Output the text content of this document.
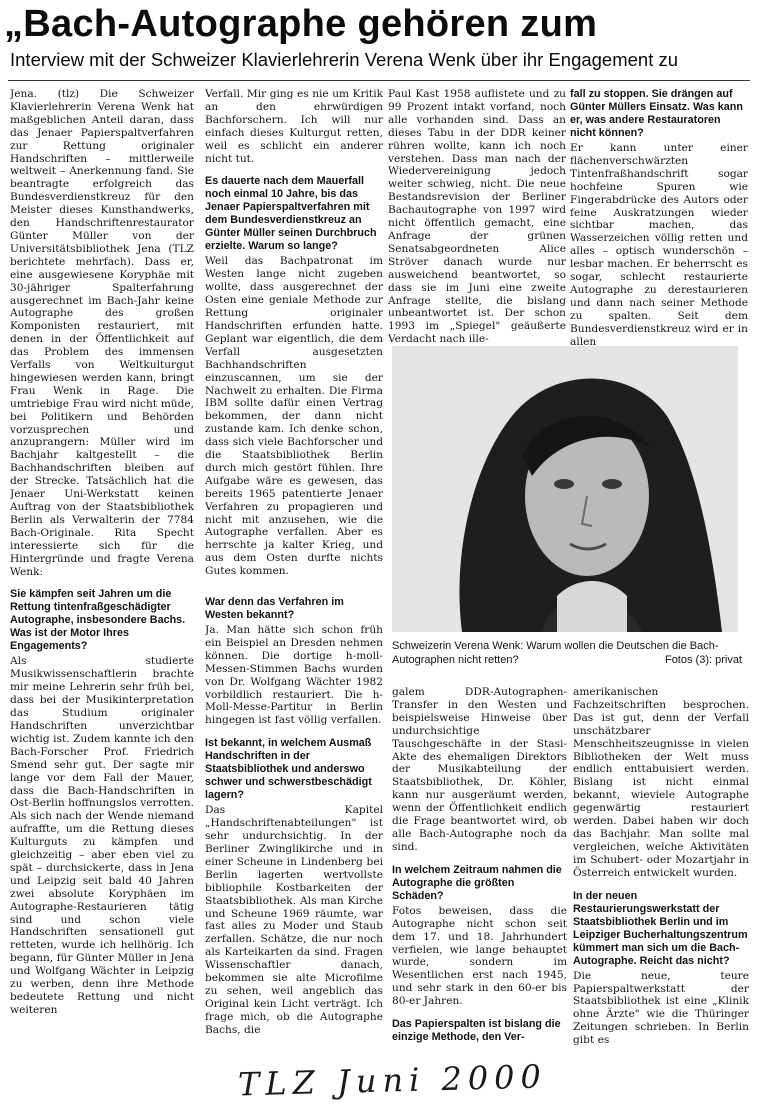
„Bach-Autographe gehören zum
Interview mit der Schweizer Klavierlehrerin Verena Wenk über ihr Engagement zu

Jena. (tlz) Die Schweizer Klavierlehrerin Verena Wenk hat maßgeblichen Anteil daran, dass das Jenaer Papierspaltverfahren zur Rettung originaler Handschriften – mittlerweile weltweit – Anerkennung fand. Sie beantragte erfolgreich das Bundesverdienstkreuz für den Meister dieses Kunsthandwerks, den Handschriftenrestaurator Günter Müller von der Universitätsbibliothek Jena (TLZ berichtete mehrfach). Dass er, eine ausgewiesene Koryphäe mit 30-jähriger Spalterfahrung ausgerechnet im Bach-Jahr keine Autographe des großen Komponisten restauriert, mit denen in der Öffentlichkeit auf das Problem des immensen Verfalls von Weltkulturgut hingewiesen werden kann, bringt Frau Wenk in Rage. Die umtriebige Frau wird nicht müde, bei Politikern und Behörden vorzusprechen und anzuprangern: Müller wird im Bachjahr kaltgestellt – die Bachhandschriften bleiben auf der Strecke. Tatsächlich hat die Jenaer Uni-Werkstatt keinen Auftrag von der Staatsbibliothek Berlin als Verwalterin der 7784 Bach-Originale. Rita Specht interessierte sich für die Hintergründe und fragte Verena Wenk:

Sie kämpfen seit Jahren um die Rettung tintenfraßgeschädigter Autographe, insbesondere Bachs. Was ist der Motor Ihres Engagements?

Als studierte Musikwissenschaftlerin brachte mir meine Lehrerin sehr früh bei, dass bei der Musikinterpretation das Studium originaler Handschriften unverzichtbar wichtig ist. Zudem kannte ich den Bach-Forscher Prof. Friedrich Smend sehr gut. Der sagte mir lange vor dem Fall der Mauer, dass die Bach-Handschriften in Ost-Berlin hoffnungslos verrotten. Als sich nach der Wende niemand aufraffte, um die Rettung dieses Kulturguts zu kämpfen und gleichzeitig – aber eben viel zu spät – durchsickerte, dass in Jena und Leipzig seit bald 40 Jahren zwei absolute Koryphäen im Autographe-Restaurieren tätig sind und schon viele Handschriften sensationell gut retteten, wurde ich hellhörig. Ich begann, für Günter Müller in Jena und Wolfgang Wächter in Leipzig zu werben, denn ihre Methode bedeutete Rettung und nicht weiteren

Verfall. Mir ging es nie um Kritik an den ehrwürdigen Bachforschern. Ich will nur einfach dieses Kulturgut retten, weil es schlicht ein anderer nicht tut.

Es dauerte nach dem Mauerfall noch einmal 10 Jahre, bis das Jenaer Papierspaltverfahren mit dem Bundesverdienstkreuz an Günter Müller seinen Durchbruch erzielte. Warum so lange?

Weil das Bachpatronat im Westen lange nicht zugeben wollte, dass ausgerechnet der Osten eine geniale Methode zur Rettung originaler Handschriften erfunden hatte. Geplant war eigentlich, die dem Verfall ausgesetzten Bachhandschriften einzuscannen, um sie der Nachwelt zu erhalten. Die Firma IBM sollte dafür einen Vertrag bekommen, der dann nicht zustande kam. Ich denke schon, dass sich viele Bachforscher und die Staatsbibliothek Berlin durch mich gestört fühlen. Ihre Aufgabe wäre es gewesen, das bereits 1965 patentierte Jenaer Verfahren zu propagieren und nicht mit anzusehen, wie die Autographe verfallen. Aber es herrschte ja kalter Krieg, und aus dem Osten durfte nichts Gutes kommen.

War denn das Verfahren im Westen bekannt?

Ja. Man hätte sich schon früh ein Beispiel an Dresden nehmen können. Die dortige h-moll-Messen-Stimmen Bachs wurden von Dr. Wolfgang Wächter 1982 vorbildlich restauriert. Die h-Moll-Messe-Partitur in Berlin hingegen ist fast völlig verfallen.

Ist bekannt, in welchem Ausmaß Handschriften in der Staatsbibliothek und anderswo schwer und schwerstbeschädigt lagern?

Das Kapitel „Handschriftenabteilungen" ist sehr undurchsichtig. In der Berliner Zwinglikirche und in einer Scheune in Lindenberg bei Berlin lagerten wertvollste bibliophile Kostbarkeiten der Staatsbibliothek. Als man Kirche und Scheune 1969 räumte, war fast alles zu Moder und Staub zerfallen. Schätze, die nur noch als Karteikarten da sind. Fragen Wissenschaftler danach, bekommen sie alte Microfilme zu sehen, weil angeblich das Original kein Licht verträgt. Ich frage mich, ob die Autographe Bachs, die

Paul Kast 1958 auflistete und zu 99 Prozent intakt vorfand, noch alle vorhanden sind. Dass an dieses Tabu in der DDR keiner rühren wollte, kann ich noch verstehen. Dass man nach der Wiedervereinigung jedoch weiter schwieg, nicht. Die neue Bestandsrevision der Berliner Bachautographe von 1997 wird nicht öffentlich gemacht, eine Anfrage der grünen Senatsabgeordneten Alice Ströver danach wurde nur ausweichend beantwortet, so dass sie im Juni eine zweite Anfrage stellte, die bislang unbeantwortet ist. Der schon 1993 im „Spiegel" geäußerte Verdacht nach ille-

fall zu stoppen. Sie drängen auf Günter Müllers Einsatz. Was kann er, was andere Restauratoren nicht können?

Er kann unter einer flächenverschwärzten Tintenfraßhandschrift sogar hochfeine Spuren wie Fingerabdrücke des Autors oder feine Auskratzungen wieder sichtbar machen, das Wasserzeichen völlig retten und alles – optisch wunderschön – lesbar machen. Er beherrscht es sogar, schlecht restaurierte Autographe zu derestaurieren und dann nach seiner Methode zu spalten. Seit dem Bundesverdienstkreuz wird er in allen

Schweizerin Verena Wenk: Warum wollen die Deutschen die Bach-Autographen nicht retten?	Fotos (3): privat

galem DDR-Autographen-Transfer in den Westen und beispielsweise Hinweise über undurchsichtige Tauschgeschäfte in der Stasi-Akte des ehemaligen Direktors der Musikabteilung der Staatsbibliothek, Dr. Köhler, kann nur ausgeräumt werden, wenn der Öffentlichkeit endlich die Frage beantwortet wird, ob alle Bach-Autographe noch da sind.

In welchem Zeitraum nahmen die Autographe die größten Schäden?

Fotos beweisen, dass die Autographe nicht schon seit dem 17. und 18. Jahrhundert verfielen, wie lange behauptet wurde, sondern im Wesentlichen erst nach 1945, und sehr stark in den 60-er bis 80-er Jahren.

Das Papierspalten ist bislang die einzige Methode, den Ver-

amerikanischen Fachzeitschriften besprochen. Das ist gut, denn der Verfall unschätzbarer Menschheitszeugnisse in vielen Bibliotheken der Welt muss endlich enttabuisiert werden. Bislang ist nicht einmal bekannt, wieviele Autographe gegenwärtig restauriert werden. Dabei haben wir doch das Bachjahr. Man sollte mal vergleichen, welche Aktivitäten im Schubert- oder Mozartjahr in Österreich entwickelt wurden.

In der neuen Restaurierungswerkstatt der Staatsbibliothek Berlin und im Leipziger Bucherhaltungszentrum kümmert man sich um die Bach-Autographe. Reicht das nicht?

Die neue, teure Papierspaltwerkstatt der Staatsbibliothek ist eine „Klinik ohne Ärzte" wie die Thüringer Zeitungen schrieben. In Berlin gibt es

TLZ Juni 2000
